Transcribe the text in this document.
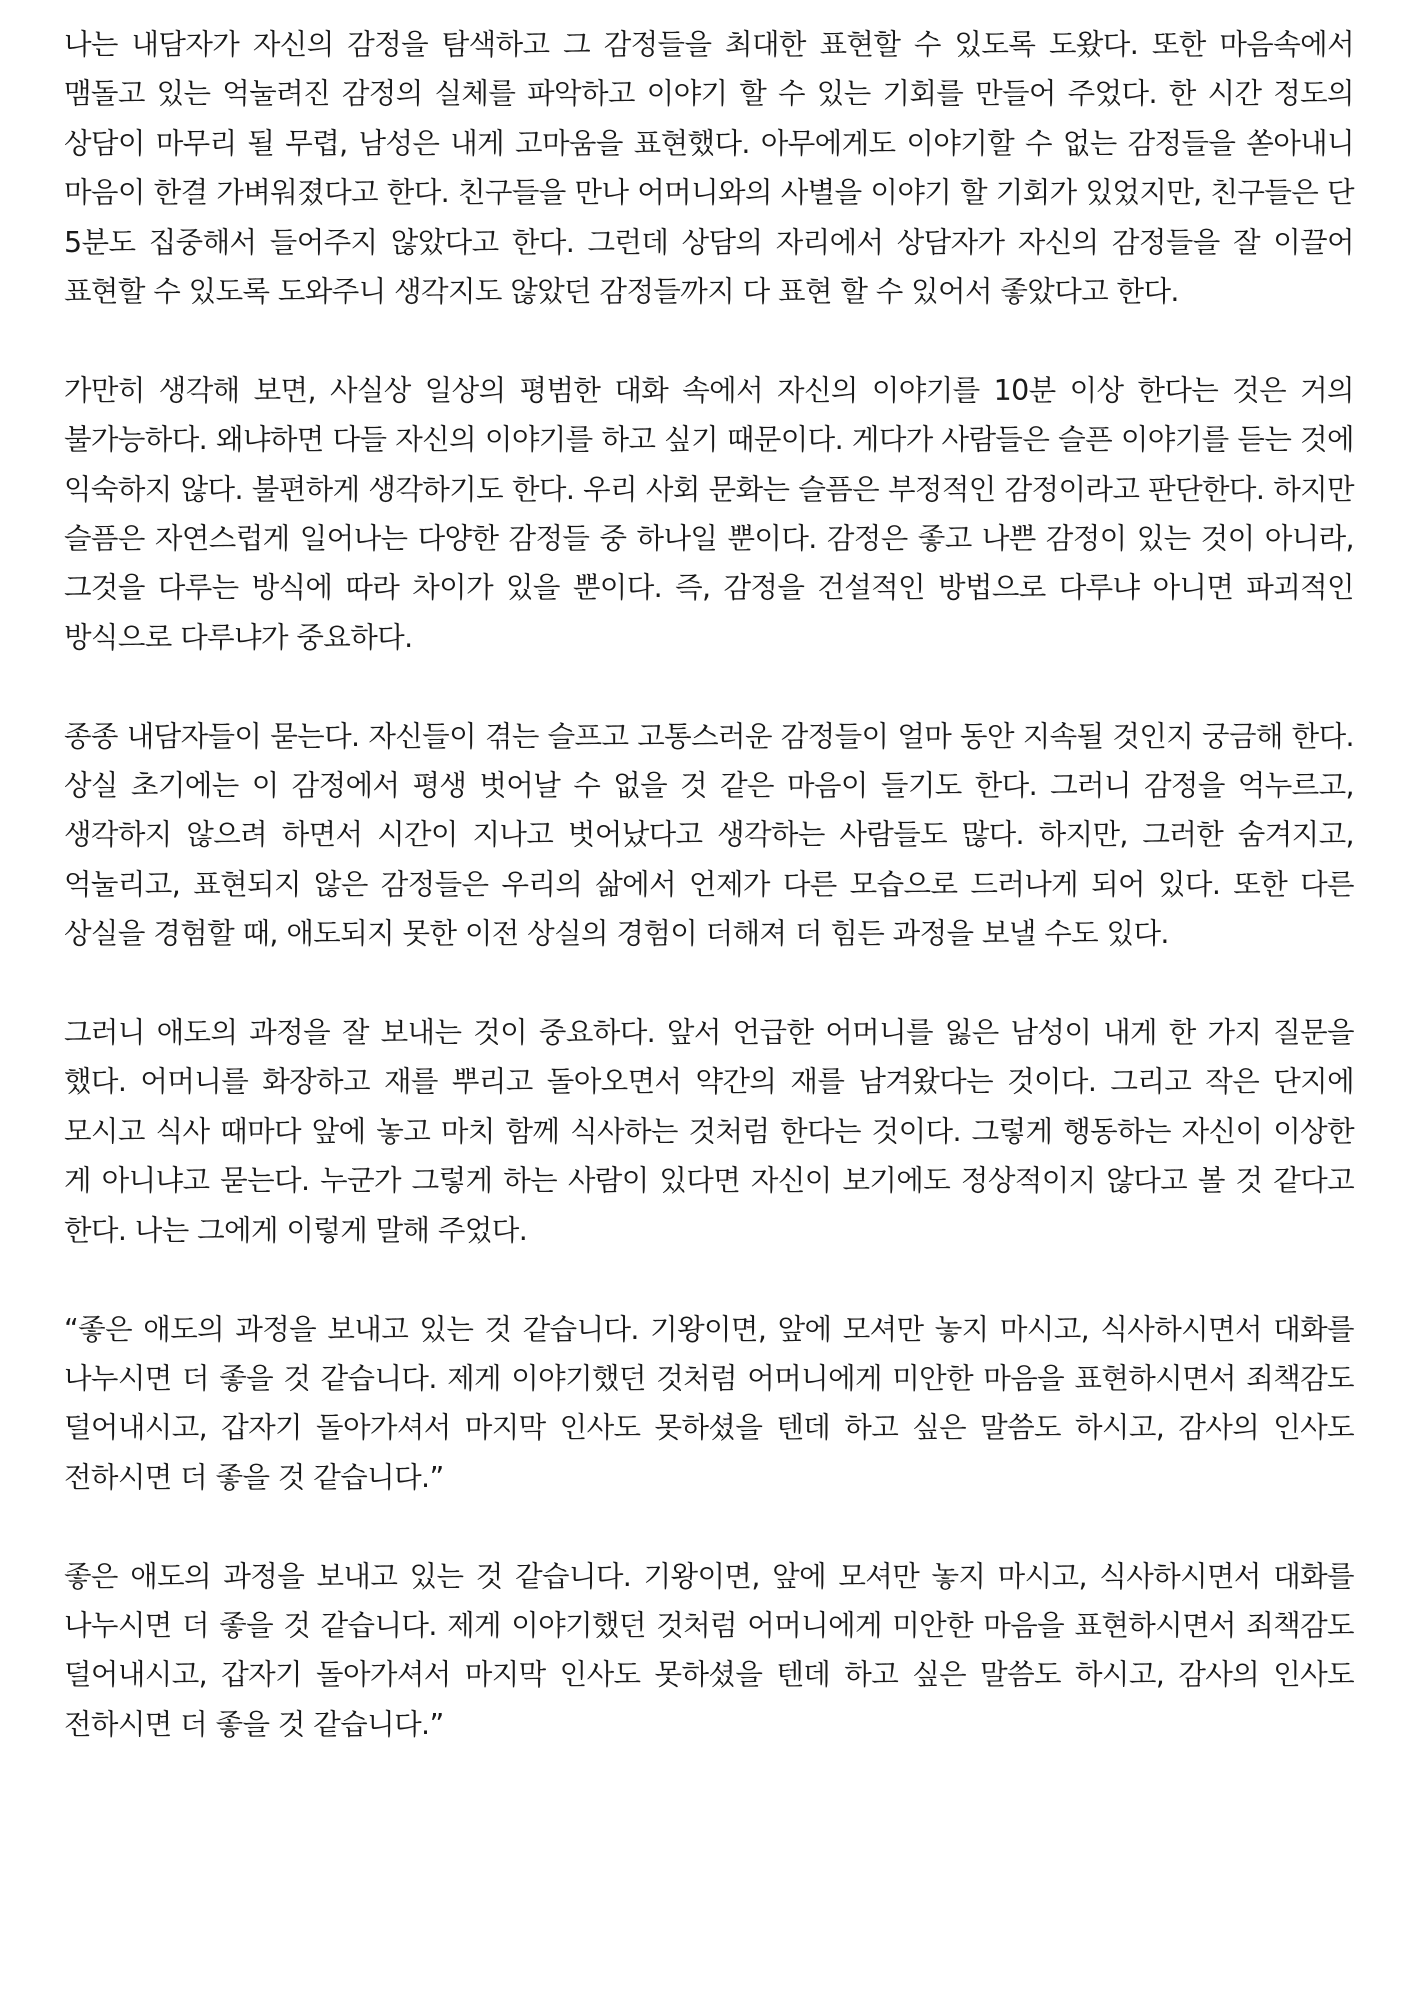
나는 내담자가 자신의 감정을 탐색하고 그 감정들을 최대한 표현할 수 있도록 도왔다. 또한 마음속에서 맴돌고 있는 억눌려진 감정의 실체를 파악하고 이야기 할 수 있는 기회를 만들어 주었다. 한 시간 정도의 상담이 마무리 될 무렵, 남성은 내게 고마움을 표현했다. 아무에게도 이야기할 수 없는 감정들을 쏟아내니 마음이 한결 가벼워졌다고 한다. 친구들을 만나 어머니와의 사별을 이야기 할 기회가 있었지만, 친구들은 단 5분도 집중해서 들어주지 않았다고 한다. 그런데 상담의 자리에서 상담자가 자신의 감정들을 잘 이끌어 표현할 수 있도록 도와주니 생각지도 않았던 감정들까지 다 표현 할 수 있어서 좋았다고 한다.

가만히 생각해 보면, 사실상 일상의 평범한 대화 속에서 자신의 이야기를 10분 이상 한다는 것은 거의 불가능하다. 왜냐하면 다들 자신의 이야기를 하고 싶기 때문이다. 게다가 사람들은 슬픈 이야기를 듣는 것에 익숙하지 않다. 불편하게 생각하기도 한다. 우리 사회 문화는 슬픔은 부정적인 감정이라고 판단한다. 하지만 슬픔은 자연스럽게 일어나는 다양한 감정들 중 하나일 뿐이다. 감정은 좋고 나쁜 감정이 있는 것이 아니라, 그것을 다루는 방식에 따라 차이가 있을 뿐이다. 즉, 감정을 건설적인 방법으로 다루냐 아니면 파괴적인 방식으로 다루냐가 중요하다.

종종 내담자들이 묻는다. 자신들이 겪는 슬프고 고통스러운 감정들이 얼마 동안 지속될 것인지 궁금해 한다. 상실 초기에는 이 감정에서 평생 벗어날 수 없을 것 같은 마음이 들기도 한다. 그러니 감정을 억누르고, 생각하지 않으려 하면서 시간이 지나고 벗어났다고 생각하는 사람들도 많다. 하지만, 그러한 숨겨지고, 억눌리고, 표현되지 않은 감정들은 우리의 삶에서 언제가 다른 모습으로 드러나게 되어 있다. 또한 다른 상실을 경험할 때, 애도되지 못한 이전 상실의 경험이 더해져 더 힘든 과정을 보낼 수도 있다.

그러니 애도의 과정을 잘 보내는 것이 중요하다. 앞서 언급한 어머니를 잃은 남성이 내게 한 가지 질문을 했다. 어머니를 화장하고 재를 뿌리고 돌아오면서 약간의 재를 남겨왔다는 것이다. 그리고 작은 단지에 모시고 식사 때마다 앞에 놓고 마치 함께 식사하는 것처럼 한다는 것이다. 그렇게 행동하는 자신이 이상한 게 아니냐고 묻는다. 누군가 그렇게 하는 사람이 있다면 자신이 보기에도 정상적이지 않다고 볼 것 같다고 한다. 나는 그에게 이렇게 말해 주었다.

“좋은 애도의 과정을 보내고 있는 것 같습니다. 기왕이면, 앞에 모셔만 놓지 마시고, 식사하시면서 대화를 나누시면 더 좋을 것 같습니다. 제게 이야기했던 것처럼 어머니에게 미안한 마음을 표현하시면서 죄책감도 덜어내시고, 갑자기 돌아가셔서 마지막 인사도 못하셨을 텐데 하고 싶은 말씀도 하시고, 감사의 인사도 전하시면 더 좋을 것 같습니다.”

좋은 애도의 과정을 보내고 있는 것 같습니다. 기왕이면, 앞에 모셔만 놓지 마시고, 식사하시면서 대화를 나누시면 더 좋을 것 같습니다. 제게 이야기했던 것처럼 어머니에게 미안한 마음을 표현하시면서 죄책감도 덜어내시고, 갑자기 돌아가셔서 마지막 인사도 못하셨을 텐데 하고 싶은 말씀도 하시고, 감사의 인사도 전하시면 더 좋을 것 같습니다.”
